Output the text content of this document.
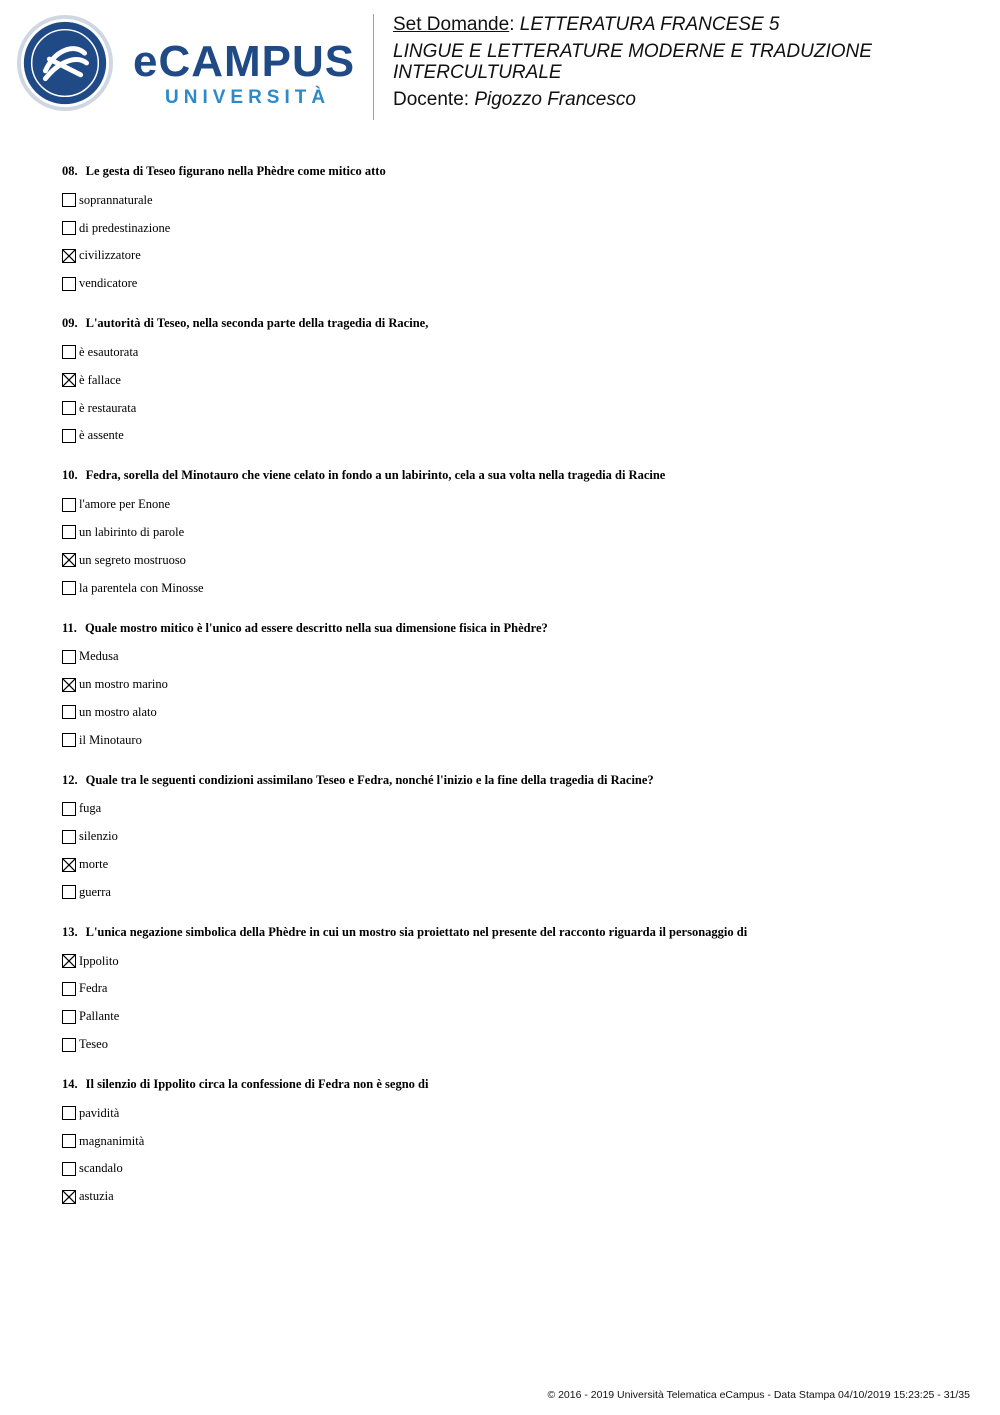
eCAMPUS
UNIVERSITÀ

Set Domande: LETTERATURA FRANCESE 5

LINGUE E LETTERATURE MODERNE E TRADUZIONE

INTERCULTURALE

Docente: Pigozzo Francesco

08. Le gesta di Teseo figurano nella Phèdre come mitico atto
soprannaturale
di predestinazione
civilizzatore
vendicatore
09. L'autorità di Teseo, nella seconda parte della tragedia di Racine,
è esautorata
è fallace
è restaurata
è assente
10. Fedra, sorella del Minotauro che viene celato in fondo a un labirinto, cela a sua volta nella tragedia di Racine
l'amore per Enone
un labirinto di parole
un segreto mostruoso
la parentela con Minosse
11. Quale mostro mitico è l'unico ad essere descritto nella sua dimensione fisica in Phèdre?
Medusa
un mostro marino
un mostro alato
il Minotauro
12. Quale tra le seguenti condizioni assimilano Teseo e Fedra, nonché l'inizio e la fine della tragedia di Racine?
fuga
silenzio
morte
guerra
13. L'unica negazione simbolica della Phèdre in cui un mostro sia proiettato nel presente del racconto riguarda il personaggio di
Ippolito
Fedra
Pallante
Teseo
14. Il silenzio di Ippolito circa la confessione di Fedra non è segno di
pavidità
magnanimità
scandalo
astuzia
© 2016 - 2019 Università Telematica eCampus - Data Stampa 04/10/2019 15:23:25 - 31/35
